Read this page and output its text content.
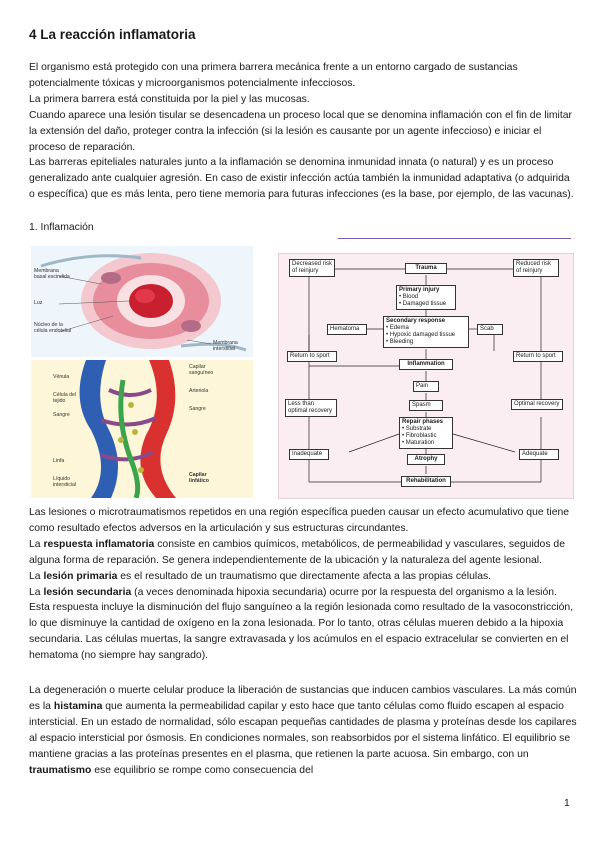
4 La reacción inflamatoria

El organismo está protegido con una primera barrera mecánica frente a un entorno cargado de sustancias potencialmente tóxicas y microorganismos potencialmente infecciosos.

La primera barrera está constituida por la piel y las mucosas.

Cuando aparece una lesión tisular se desencadena un proceso local que se denomina inflamación con el fin de limitar la extensión del daño, proteger contra la infección (si la lesión es causante por un agente infeccioso) e iniciar el proceso de reparación.

Las barreras epiteliales naturales junto a la inflamación se denomina inmunidad innata (o natural) y es un proceso generalizado ante cualquier agresión. En caso de existir infección actúa también la inmunidad adaptativa (o adquirida o específica) que es más lenta, pero tiene memoria para futuras infecciones (es la base, por ejemplo, de las vacunas).

1. Inflamación
Membrana basal escindida
Luz
Núcleo de la célula endotelial
Membrana interstitial
Vénula
Célula del tejido
Sangre
Linfa
Líquido intersticial
Capilar sanguíneo
Arteriola
Sangre
Capilar linfático
Decreased risk of reinjury	Trauma
Reduced risk of reinjury
Primary injury
• Blood
• Damaged tissue
Secondary response
• Edema
• Hypoxic damaged tissue
• Bleeding
Hematoma	Scab
Return to sport	Return to sport
Inflammation
Pain
Spasm
Less than optimal recovery
Optimal recovery
Repair phases
• Substrate
• Fibroblastic
• Maturation
Inadequate	Adequate
Atrophy
Rehabilitation

Las lesiones o microtraumatismos repetidos en una región específica pueden causar un efecto acumulativo que tiene como resultado efectos adversos en la articulación y sus estructuras circundantes.

La respuesta inflamatoria consiste en cambios químicos, metabólicos, de permeabilidad y vasculares, seguidos de alguna forma de reparación. Se genera independientemente de la ubicación y la naturaleza del agente lesional.

La lesión primaria es el resultado de un traumatismo que directamente afecta a las propias células.

La lesión secundaria (a veces denominada hipoxia secundaria) ocurre por la respuesta del organismo a la lesión. Esta respuesta incluye la disminución del flujo sanguíneo a la región lesionada como resultado de la vasoconstricción, lo que disminuye la cantidad de oxígeno en la zona lesionada. Por lo tanto, otras células mueren debido a la hipoxia secundaria. Las células muertas, la sangre extravasada y los acúmulos en el espacio extracelular se convierten en el hematoma (no siempre hay sangrado).

La degeneración o muerte celular produce la liberación de sustancias que inducen cambios vasculares. La más común es la histamina que aumenta la permeabilidad capilar y esto hace que tanto células como fluido escapen al espacio intersticial. En un estado de normalidad, sólo escapan pequeñas cantidades de plasma y proteínas desde los capilares al espacio intersticial por ósmosis. En condiciones normales, son reabsorbidos por el sistema linfático. El equilibrio se mantiene gracias a las proteínas presentes en el plasma, que retienen la parte acuosa. Sin embargo, con un traumatismo ese equilibrio se rompe como consecuencia del

1
